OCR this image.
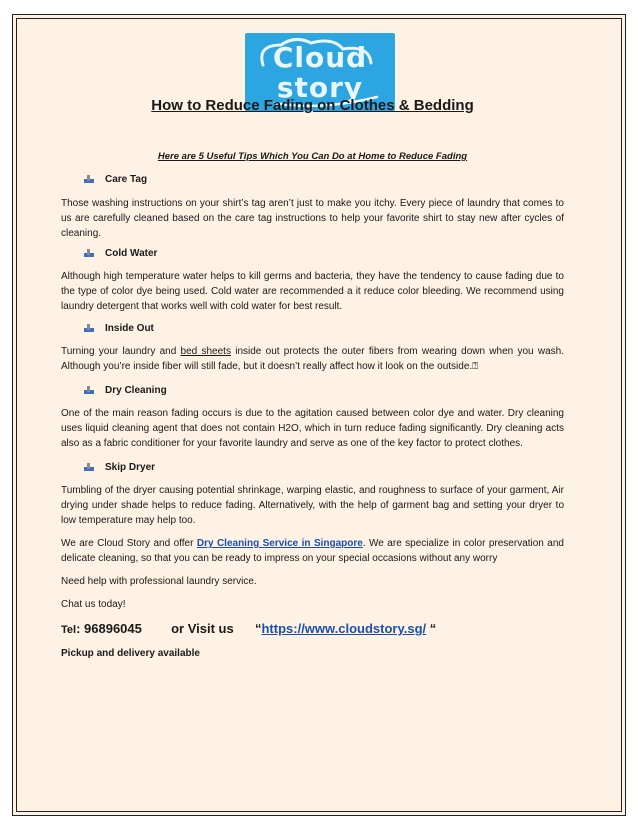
Cloud
story
How to Reduce Fading on Clothes & Bedding
Here are 5 Useful Tips Which You Can Do at Home to Reduce Fading
Care Tag

Those washing instructions on your shirt’s tag aren’t just to make you itchy. Every piece of laundry that comes to us are carefully cleaned based on the care tag instructions to help your favorite shirt to stay new after cycles of cleaning.

Cold Water

Although high temperature water helps to kill germs and bacteria, they have the tendency to cause fading due to the type of color dye being used. Cold water are recommended a it reduce color bleeding. We recommend using laundry detergent that works well with cold water for best result.

Inside Out

Turning your laundry and bed sheets inside out protects the outer fibers from wearing down when you wash. Although you’re inside fiber will still fade, but it doesn’t really affect how it look on the outside.⍰

Dry Cleaning

One of the main reason fading occurs is due to the agitation caused between color dye and water. Dry cleaning uses liquid cleaning agent that does not contain H2O, which in turn reduce fading significantly. Dry cleaning acts also as a fabric conditioner for your favorite laundry and serve as one of the key factor to protect clothes.

Skip Dryer

Tumbling of the dryer causing potential shrinkage, warping elastic, and roughness to surface of your garment, Air drying under shade helps to reduce fading. Alternatively, with the help of garment bag and setting your dryer to low temperature may help too.

We are Cloud Story and offer Dry Cleaning Service in Singapore. We are specialize in color preservation and delicate cleaning, so that you can be ready to impress on your special occasions without any worry

Need help with professional laundry service.

Chat us today!

Tel: 96896045 or Visit us “https://www.cloudstory.sg/ “

Pickup and delivery available
